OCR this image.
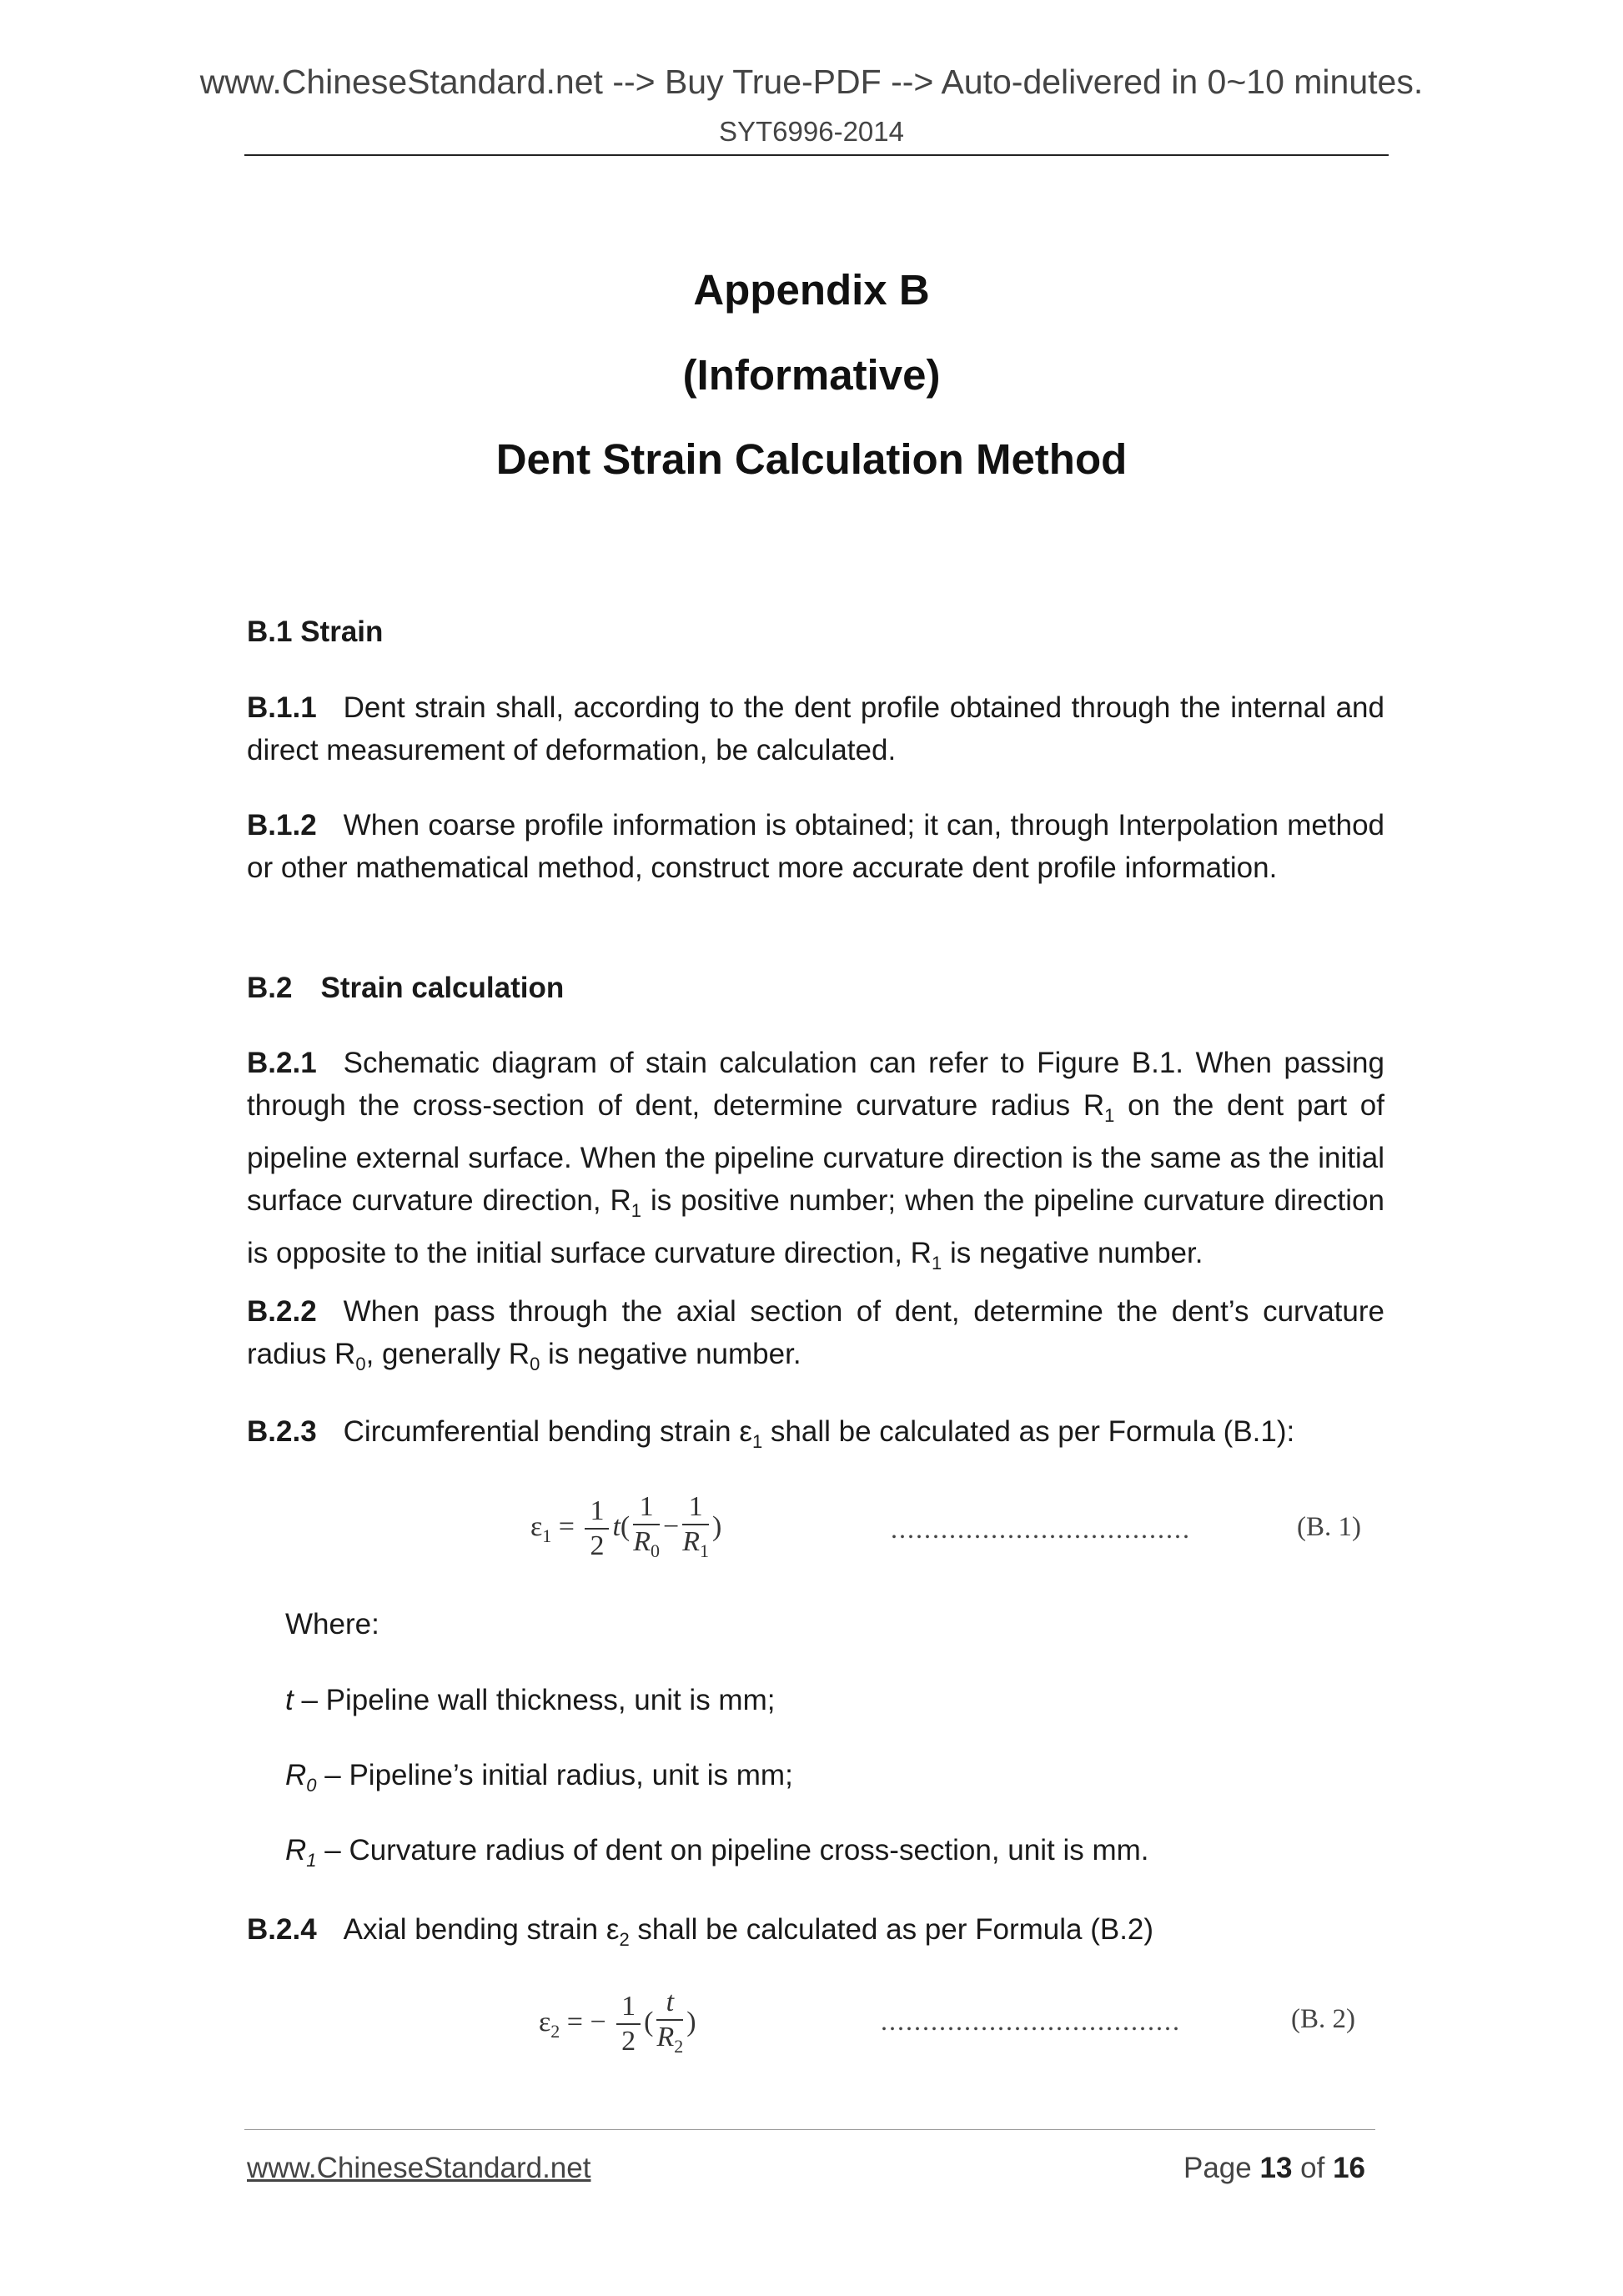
www.ChineseStandard.net --> Buy True-PDF --> Auto-delivered in 0~10 minutes.
SYT6996-2014
Appendix B
(Informative)
Dent Strain Calculation Method
B.1 Strain
B.1.1 Dent strain shall, according to the dent profile obtained through the internal and direct measurement of deformation, be calculated.
B.1.2 When coarse profile information is obtained; it can, through Interpolation method or other mathematical method, construct more accurate dent profile information.
B.2 Strain calculation
B.2.1 Schematic diagram of stain calculation can refer to Figure B.1. When passing through the cross-section of dent, determine curvature radius $R_1$ on the dent part of pipeline external surface. When the pipeline curvature direction is the same as the initial surface curvature direction, $R_1$ is positive number; when the pipeline curvature direction is opposite to the initial surface curvature direction, $R_1$ is negative number.
B.2.2 When pass through the axial section of dent, determine the dent’s curvature radius $R_0$, generally $R_0$ is negative number.
B.2.3 Circumferential bending strain $\varepsilon_1$ shall be calculated as per Formula (B.1):
$\varepsilon_1 = \frac{1}{2} t( \frac{1}{R_0} - \frac{1}{R_1}$ )	....................................	(B. 1)
Where:
t – Pipeline wall thickness, unit is mm;
$R_0$ – Pipeline’s initial radius, unit is mm;
$R_1$ – Curvature radius of dent on pipeline cross-section, unit is mm.
B.2.4 Axial bending strain $\varepsilon_2$ shall be calculated as per Formula (B.2)
$\varepsilon_2$ = − $\frac{1}{2}$ ( $\frac{t}{R_2}$ )	....................................	(B. 2)
www.ChineseStandard.net	Page 13 of 16
